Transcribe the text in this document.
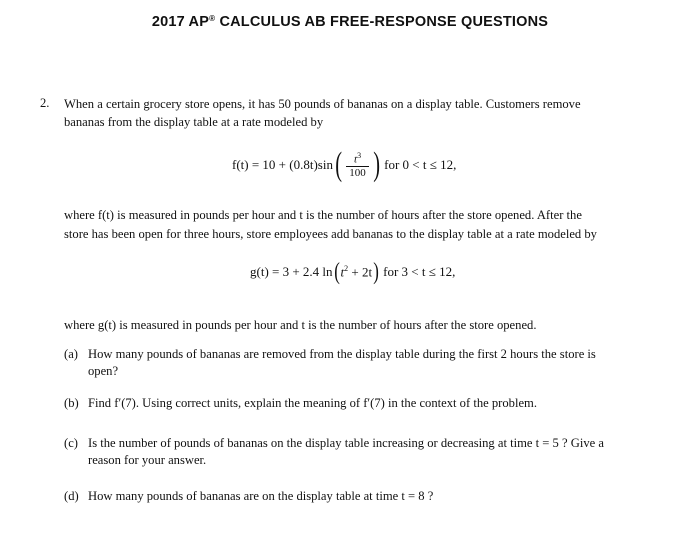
2017 AP® CALCULUS AB FREE-RESPONSE QUESTIONS
2. When a certain grocery store opens, it has 50 pounds of bananas on a display table. Customers remove
bananas from the display table at a rate modeled by
f(t) = 10 + (0.8t)sin ( $\frac{t^3}{100}$ ) for 0 < t ≤ 12,
where f(t) is measured in pounds per hour and t is the number of hours after the store opened. After the
store has been open for three hours, store employees add bananas to the display table at a rate modeled by
g(t) = 3 + 2.4 ln ( $t^2 + 2t$ ) for 3 < t ≤ 12,
where g(t) is measured in pounds per hour and t is the number of hours after the store opened.
(a) How many pounds of bananas are removed from the display table during the first 2 hours the store is
open?
(b) Find f′(7). Using correct units, explain the meaning of f′(7) in the context of the problem.
(c) Is the number of pounds of bananas on the display table increasing or decreasing at time t = 5 ? Give a
reason for your answer.
(d) How many pounds of bananas are on the display table at time t = 8 ?
